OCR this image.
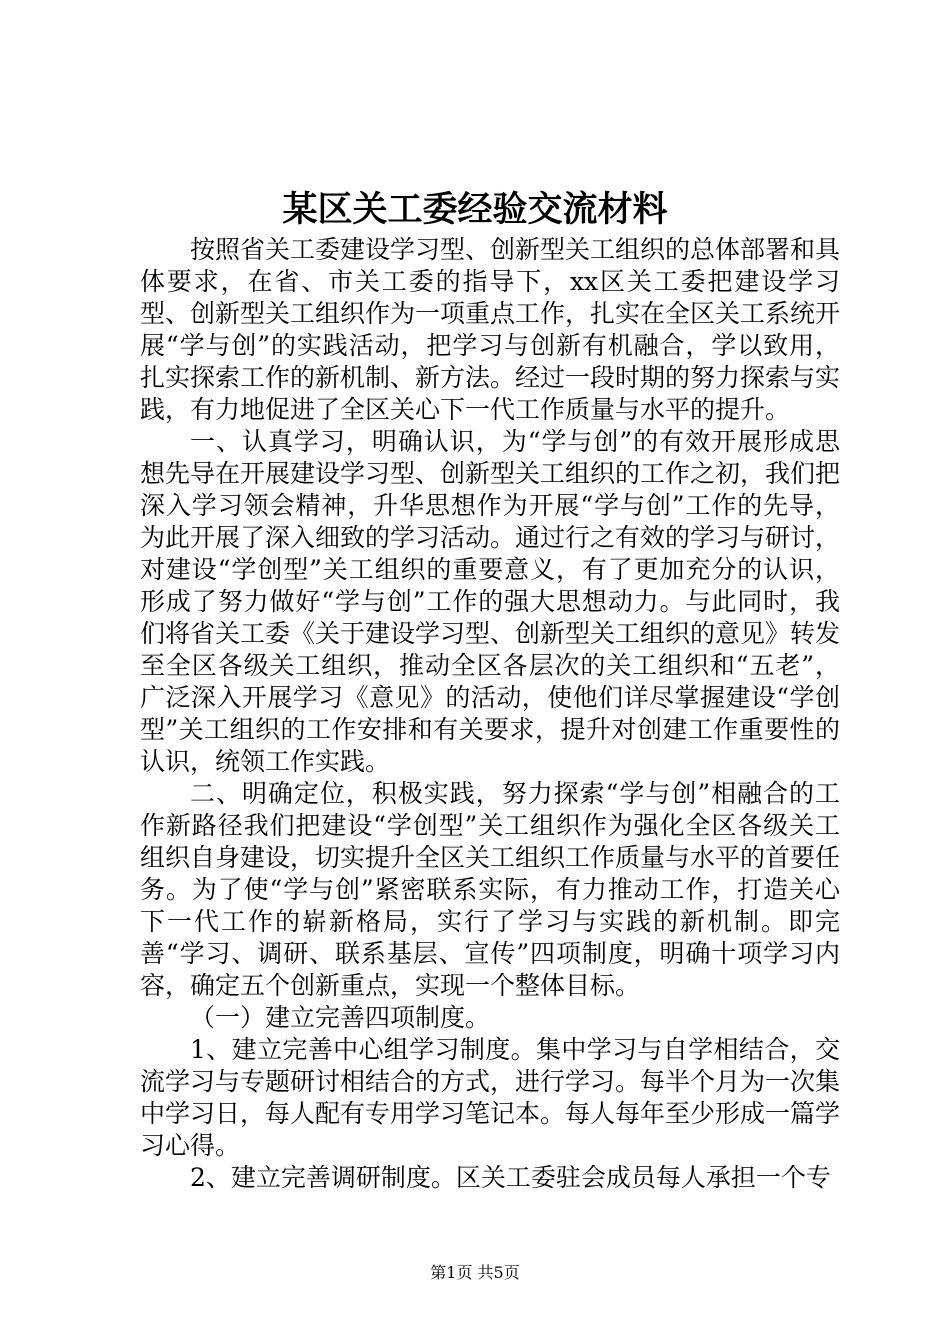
某区关工委经验交流材料

按照省关工委建设学习型、创新型关工组织的总体部署和具体要求，在省、市关工委的指导下，xx区关工委把建设学习型、创新型关工组织作为一项重点工作，扎实在全区关工系统开展“学与创”的实践活动，把学习与创新有机融合，学以致用，扎实探索工作的新机制、新方法。经过一段时期的努力探索与实践，有力地促进了全区关心下一代工作质量与水平的提升。

一、认真学习，明确认识，为“学与创”的有效开展形成思想先导在开展建设学习型、创新型关工组织的工作之初，我们把深入学习领会精神，升华思想作为开展“学与创”工作的先导，为此开展了深入细致的学习活动。通过行之有效的学习与研讨，对建设“学创型”关工组织的重要意义，有了更加充分的认识，形成了努力做好“学与创”工作的强大思想动力。与此同时，我们将省关工委《关于建设学习型、创新型关工组织的意见》转发至全区各级关工组织，推动全区各层次的关工组织和“五老”，广泛深入开展学习《意见》的活动，使他们详尽掌握建设“学创型”关工组织的工作安排和有关要求，提升对创建工作重要性的认识，统领工作实践。

二、明确定位，积极实践，努力探索“学与创”相融合的工作新路径我们把建设“学创型”关工组织作为强化全区各级关工组织自身建设，切实提升全区关工组织工作质量与水平的首要任务。为了使“学与创”紧密联系实际，有力推动工作，打造关心下一代工作的崭新格局，实行了学习与实践的新机制。即完善“学习、调研、联系基层、宣传”四项制度，明确十项学习内容，确定五个创新重点，实现一个整体目标。

（一）建立完善四项制度。

1、建立完善中心组学习制度。集中学习与自学相结合，交流学习与专题研讨相结合的方式，进行学习。每半个月为一次集中学习日，每人配有专用学习笔记本。每人每年至少形成一篇学习心得。

2、建立完善调研制度。区关工委驻会成员每人承担一个专

第1页 共5页
